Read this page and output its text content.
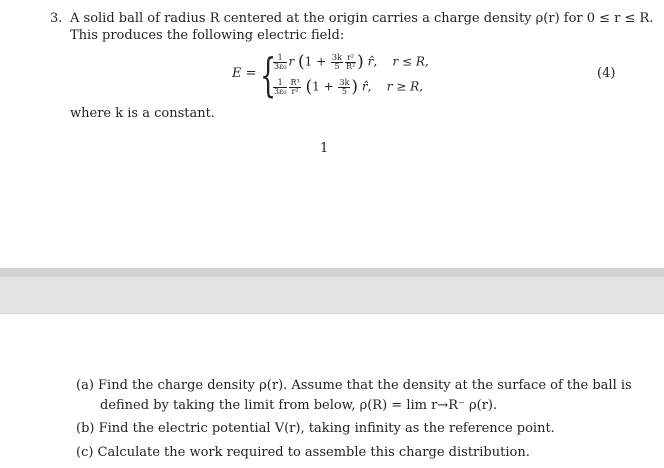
3. A solid ball of radius R centered at the origin carries a charge density ρ(r) for 0 ≤ r ≤ R.
This produces the following electric field:
E = {
$\frac{1}{\text{3ε₀}}$ r ($1 + \frac{3k}{5} \frac{\text{r²}}{\text{R²}}$ ) r̂, r ≤ R,
$\frac{1}{\text{3ε₀}} \frac{\text{R³}}{\text{r²}} (1 + \frac{3k}{5}$ ) r̂, r ≥ R,
(4)
where k is a constant.
1
(a) Find the charge density ρ(r). Assume that the density at the surface of the ball is
defined by taking the limit from below, ρ(R) = lim r→R⁻ ρ(r).
(b) Find the electric potential V(r), taking infinity as the reference point.
(c) Calculate the work required to assemble this charge distribution.
